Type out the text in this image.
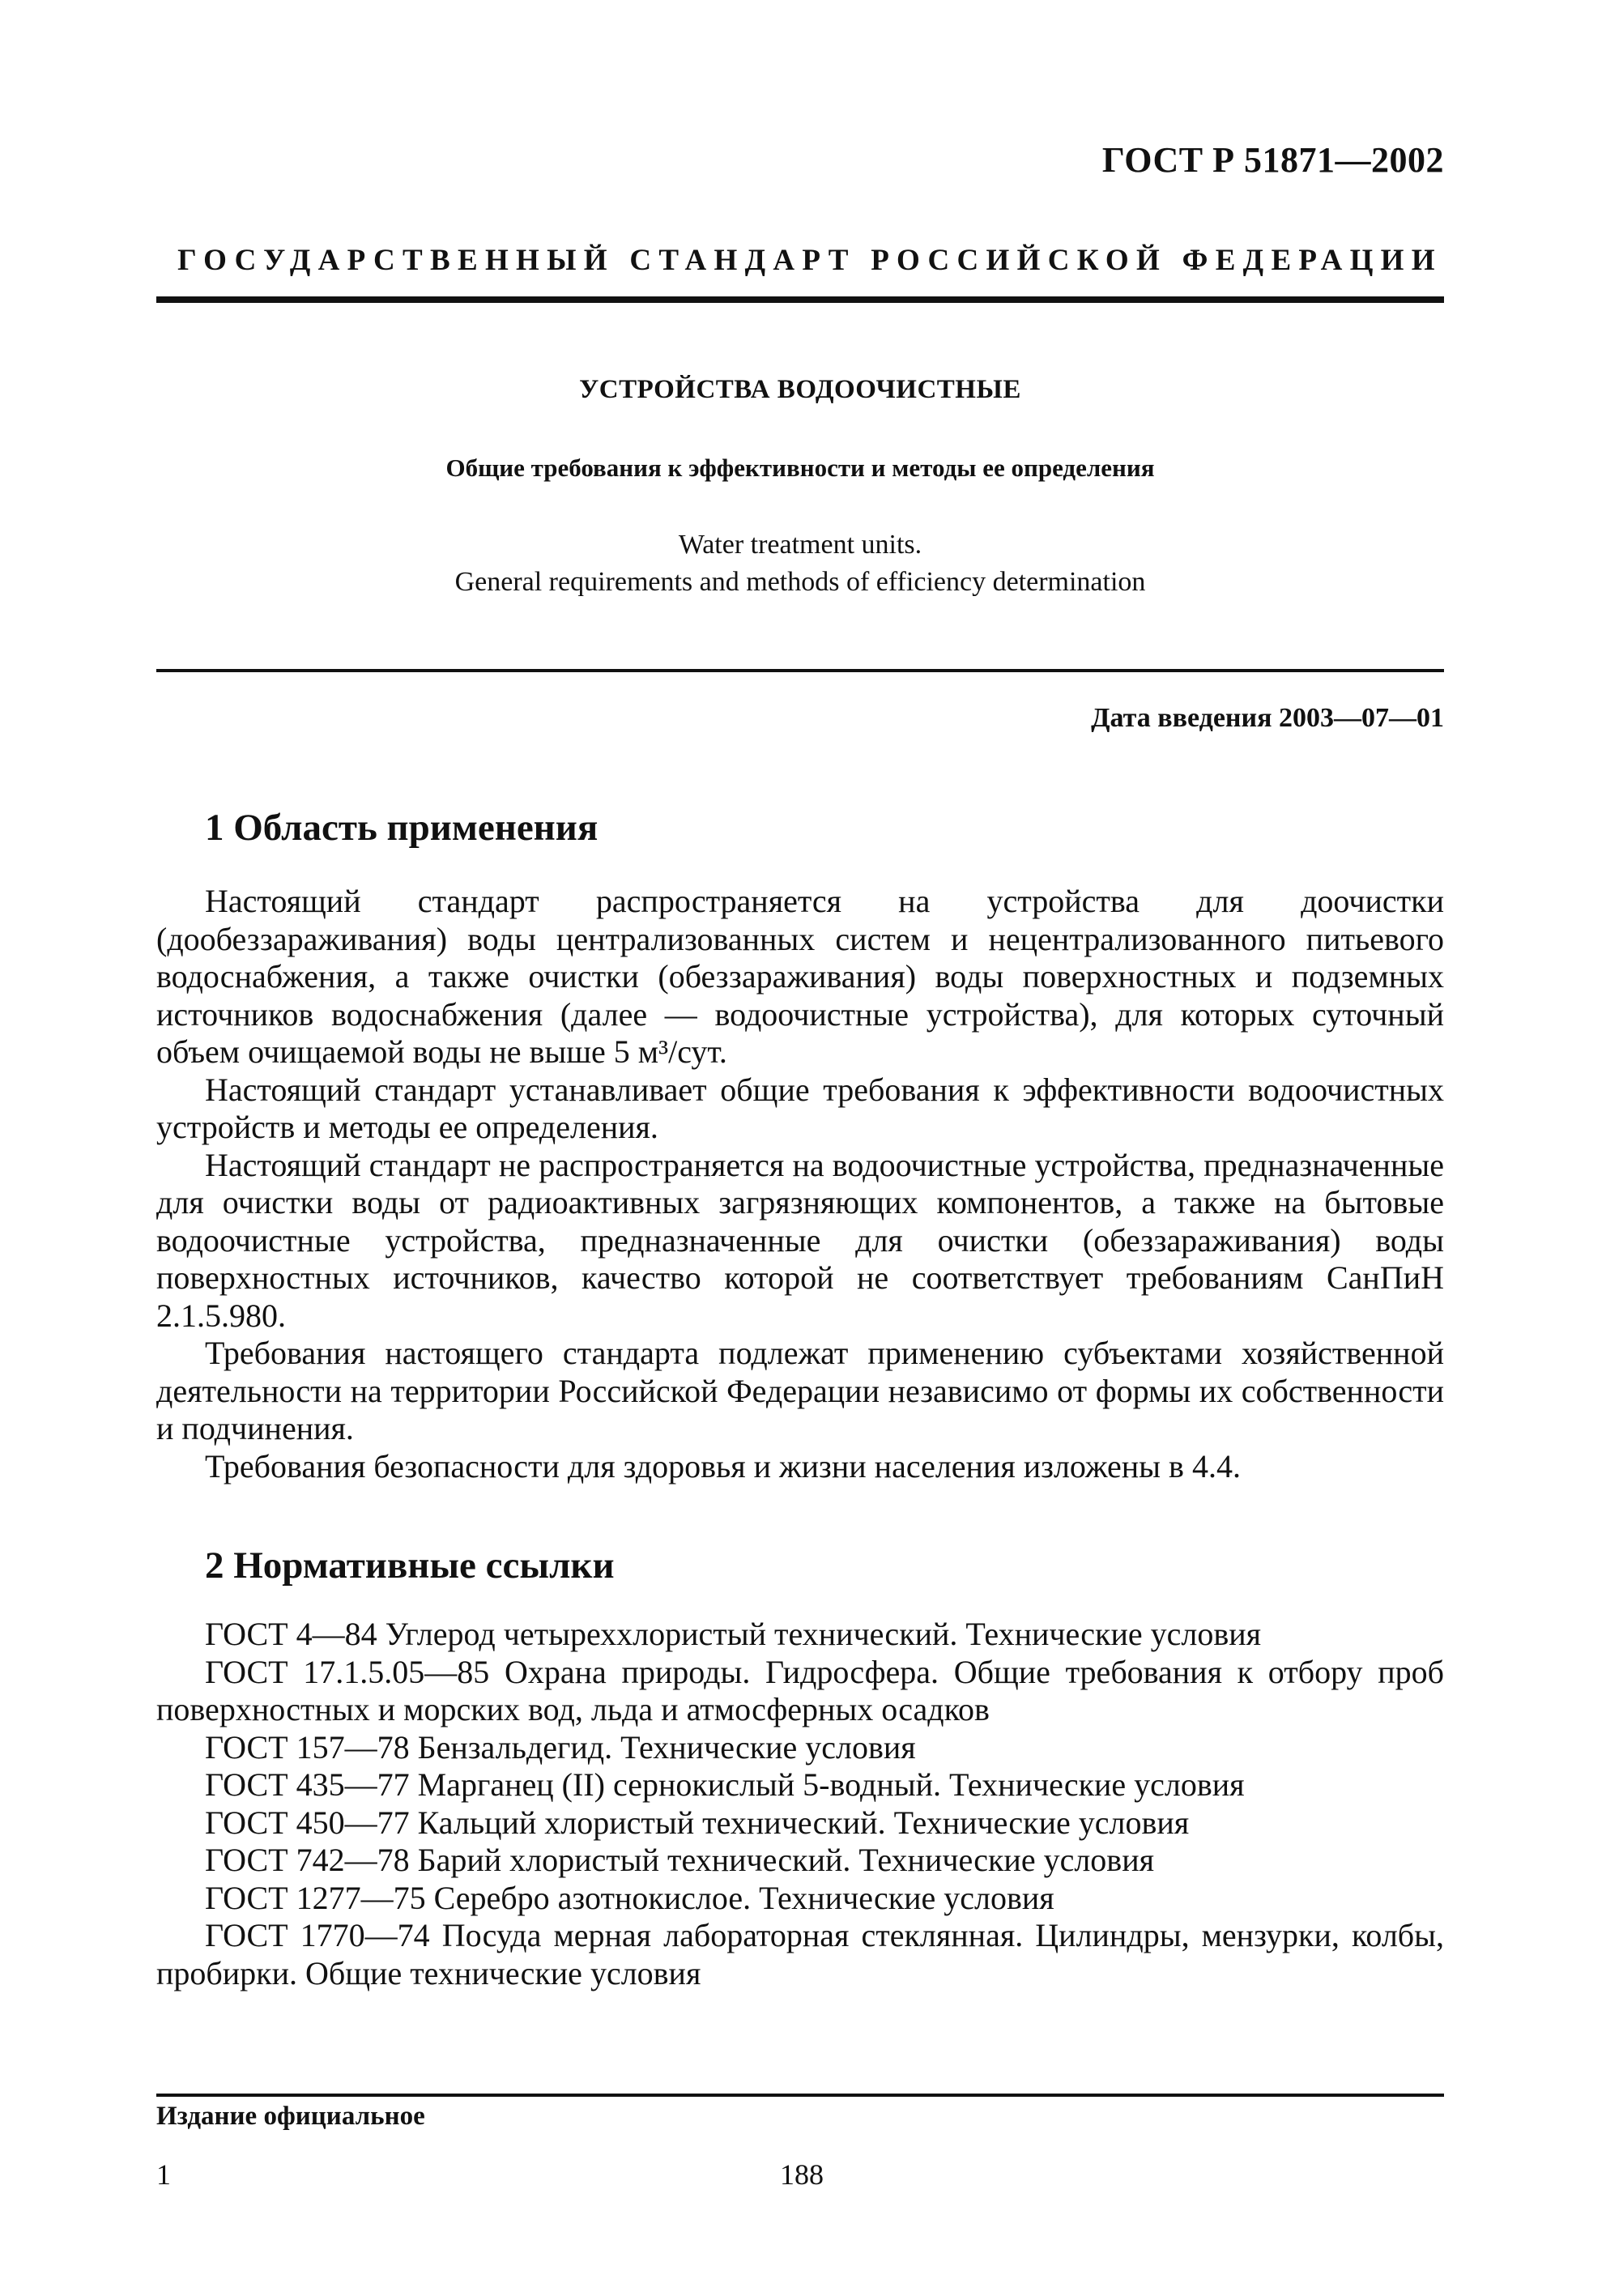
ГОСТ Р 51871—2002
ГОСУДАРСТВЕННЫЙ СТАНДАРТ РОССИЙСКОЙ ФЕДЕРАЦИИ
УСТРОЙСТВА ВОДООЧИСТНЫЕ
Общие требования к эффективности и методы ее определения
Water treatment units.
General requirements and methods of efficiency determination
Дата введения 2003—07—01
1 Область применения

Настоящий стандарт распространяется на устройства для доочистки (дообеззараживания) воды централизованных систем и нецентрализованного питьевого водоснабжения, а также очистки (обеззараживания) воды поверхностных и подземных источников водоснабжения (далее — водоочистные устройства), для которых суточный объем очищаемой воды не выше 5 м³/сут.

Настоящий стандарт устанавливает общие требования к эффективности водоочистных устройств и методы ее определения.

Настоящий стандарт не распространяется на водоочистные устройства, предназначенные для очистки воды от радиоактивных загрязняющих компонентов, а также на бытовые водоочистные устройства, предназначенные для очистки (обеззараживания) воды поверхностных источников, качество которой не соответствует требованиям СанПиН 2.1.5.980.

Требования настоящего стандарта подлежат применению субъектами хозяйственной деятельности на территории Российской Федерации независимо от формы их собственности и подчинения.

Требования безопасности для здоровья и жизни населения изложены в 4.4.

2 Нормативные ссылки

ГОСТ 4—84 Углерод четыреххлористый технический. Технические условия

ГОСТ 17.1.5.05—85 Охрана природы. Гидросфера. Общие требования к отбору проб поверхностных и морских вод, льда и атмосферных осадков

ГОСТ 157—78 Бензальдегид. Технические условия

ГОСТ 435—77 Марганец (II) сернокислый 5-водный. Технические условия

ГОСТ 450—77 Кальций хлористый технический. Технические условия

ГОСТ 742—78 Барий хлористый технический. Технические условия

ГОСТ 1277—75 Серебро азотнокислое. Технические условия

ГОСТ 1770—74 Посуда мерная лабораторная стеклянная. Цилиндры, мензурки, колбы, пробирки. Общие технические условия

Издание официальное
1	188
